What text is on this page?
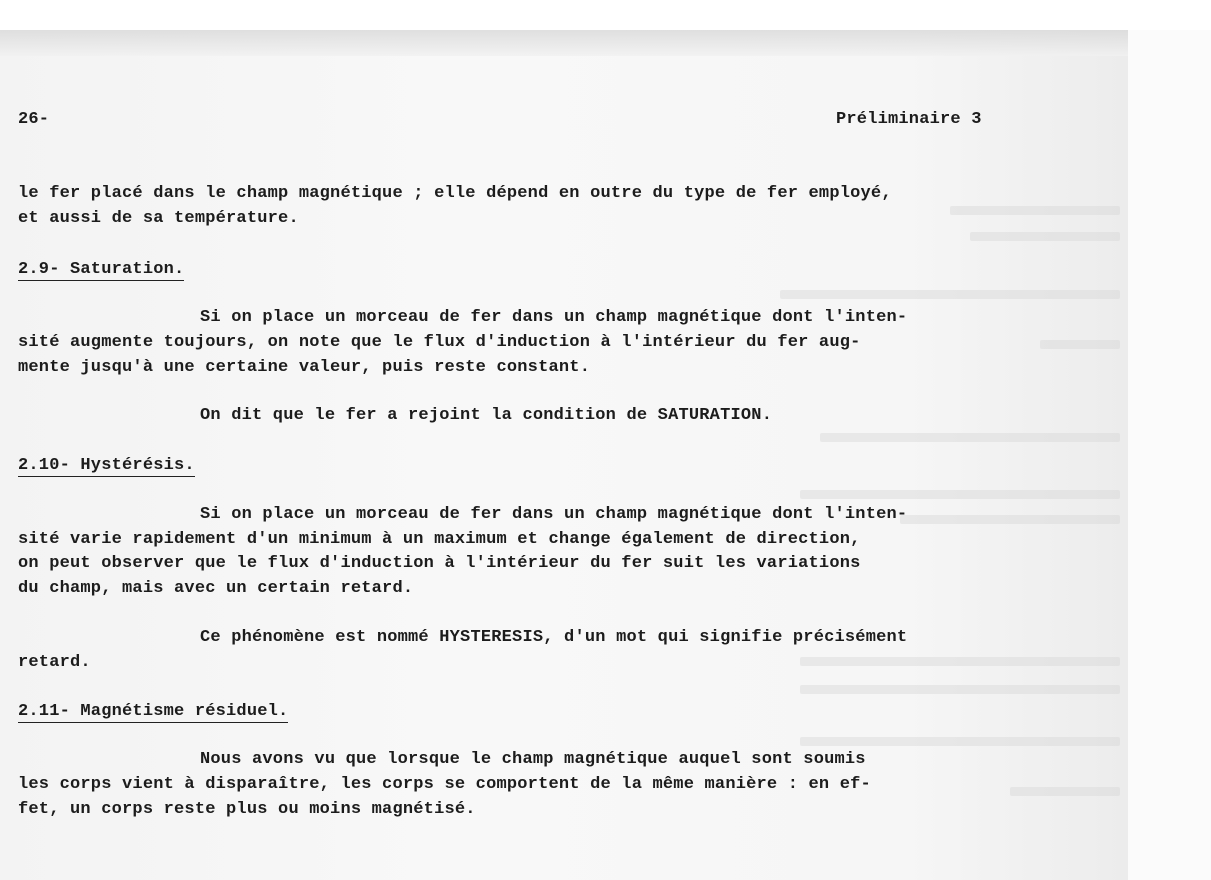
26-	Préliminaire 3
le fer placé dans le champ magnétique ; elle dépend en outre du type de fer employé,
et aussi de sa température.
2.9- Saturation.
Si on place un morceau de fer dans un champ magnétique dont l'inten-
sité augmente toujours, on note que le flux d'induction à l'intérieur du fer aug-
mente jusqu'à une certaine valeur, puis reste constant.
On dit que le fer a rejoint la condition de SATURATION.
2.10- Hystérésis.
Si on place un morceau de fer dans un champ magnétique dont l'inten-
sité varie rapidement d'un minimum à un maximum et change également de direction,
on peut observer que le flux d'induction à l'intérieur du fer suit les variations
du champ, mais avec un certain retard.
Ce phénomène est nommé HYSTERESIS, d'un mot qui signifie précisément
retard.
2.11- Magnétisme résiduel.
Nous avons vu que lorsque le champ magnétique auquel sont soumis
les corps vient à disparaître, les corps se comportent de la même manière : en ef-
fet, un corps reste plus ou moins magnétisé.
